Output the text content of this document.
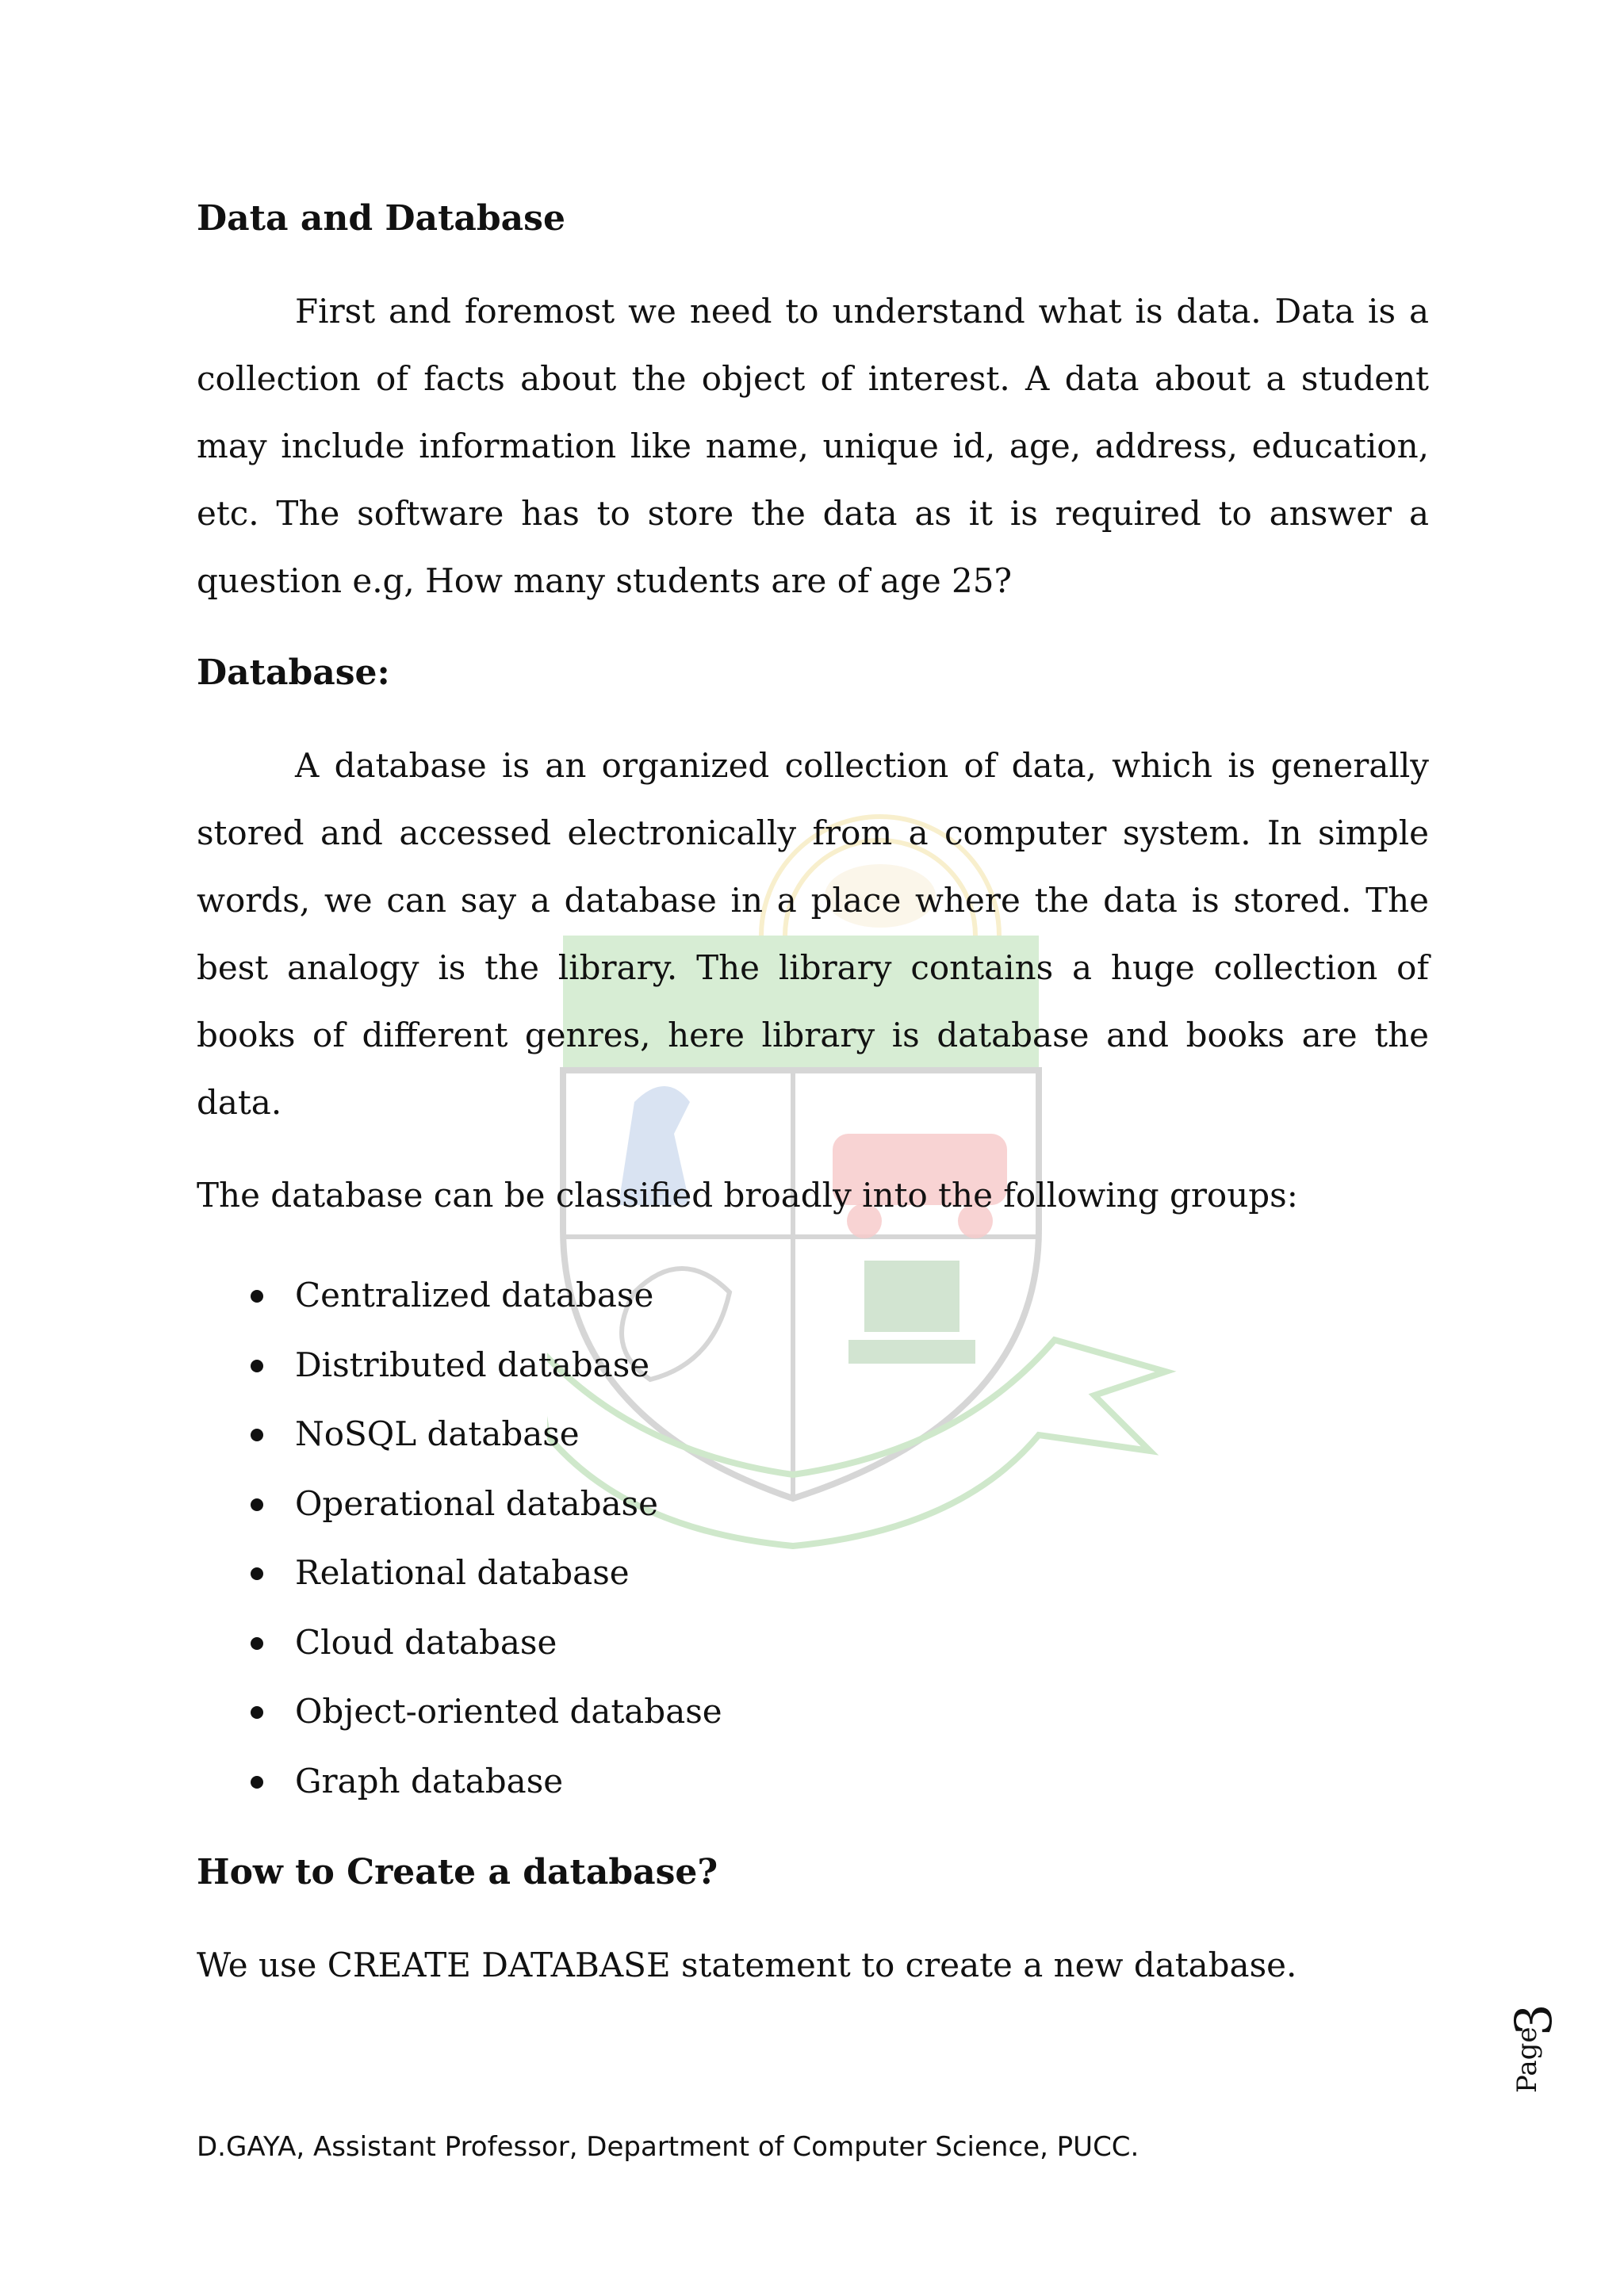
Data and Database

First and foremost we need to understand what is data. Data is a collection of facts about the object of interest. A data about a student may include information like name, unique id, age, address, education, etc. The software has to store the data as it is required to answer a question e.g, How many students are of age 25?

Database:

A database is an organized collection of data, which is generally stored and accessed electronically from a computer system. In simple words, we can say a database in a place where the data is stored. The best analogy is the library. The library contains a huge collection of books of different genres, here library is database and books are the data.

The database can be classified broadly into the following groups:

Centralized database
Distributed database
NoSQL database
Operational database
Relational database
Cloud database
Object-oriented database
Graph database
How to Create a database?

We use CREATE DATABASE statement to create a new database.

Page
3
D.GAYA, Assistant Professor, Department of Computer Science, PUCC.
